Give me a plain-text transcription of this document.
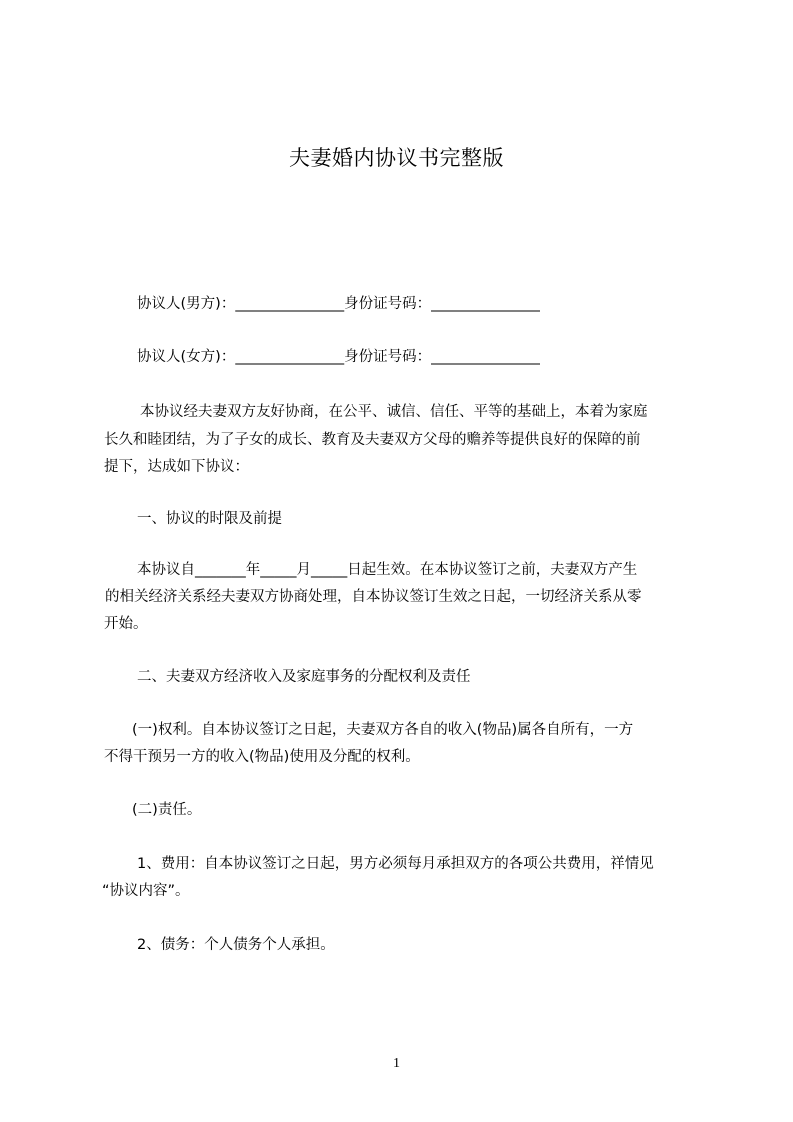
夫妻婚内协议书完整版
协议人(男方)：_______________身份证号码：_______________
协议人(女方)：_______________身份证号码：_______________
本协议经夫妻双方友好协商，在公平、诚信、信任、平等的基础上，本着为家庭
长久和睦团结，为了子女的成长、教育及夫妻双方父母的赡养等提供良好的保障的前
提下，达成如下协议：
一、协议的时限及前提
本协议自_______年_____月_____日起生效。在本协议签订之前，夫妻双方产生
的相关经济关系经夫妻双方协商处理，自本协议签订生效之日起，一切经济关系从零
开始。
二、夫妻双方经济收入及家庭事务的分配权利及责任
(一)权利。自本协议签订之日起，夫妻双方各自的收入(物品)属各自所有，一方
不得干预另一方的收入(物品)使用及分配的权利。
(二)责任。
1、费用：自本协议签订之日起，男方必须每月承担双方的各项公共费用，祥情见
“协议内容”。
2、债务：个人债务个人承担。
1
